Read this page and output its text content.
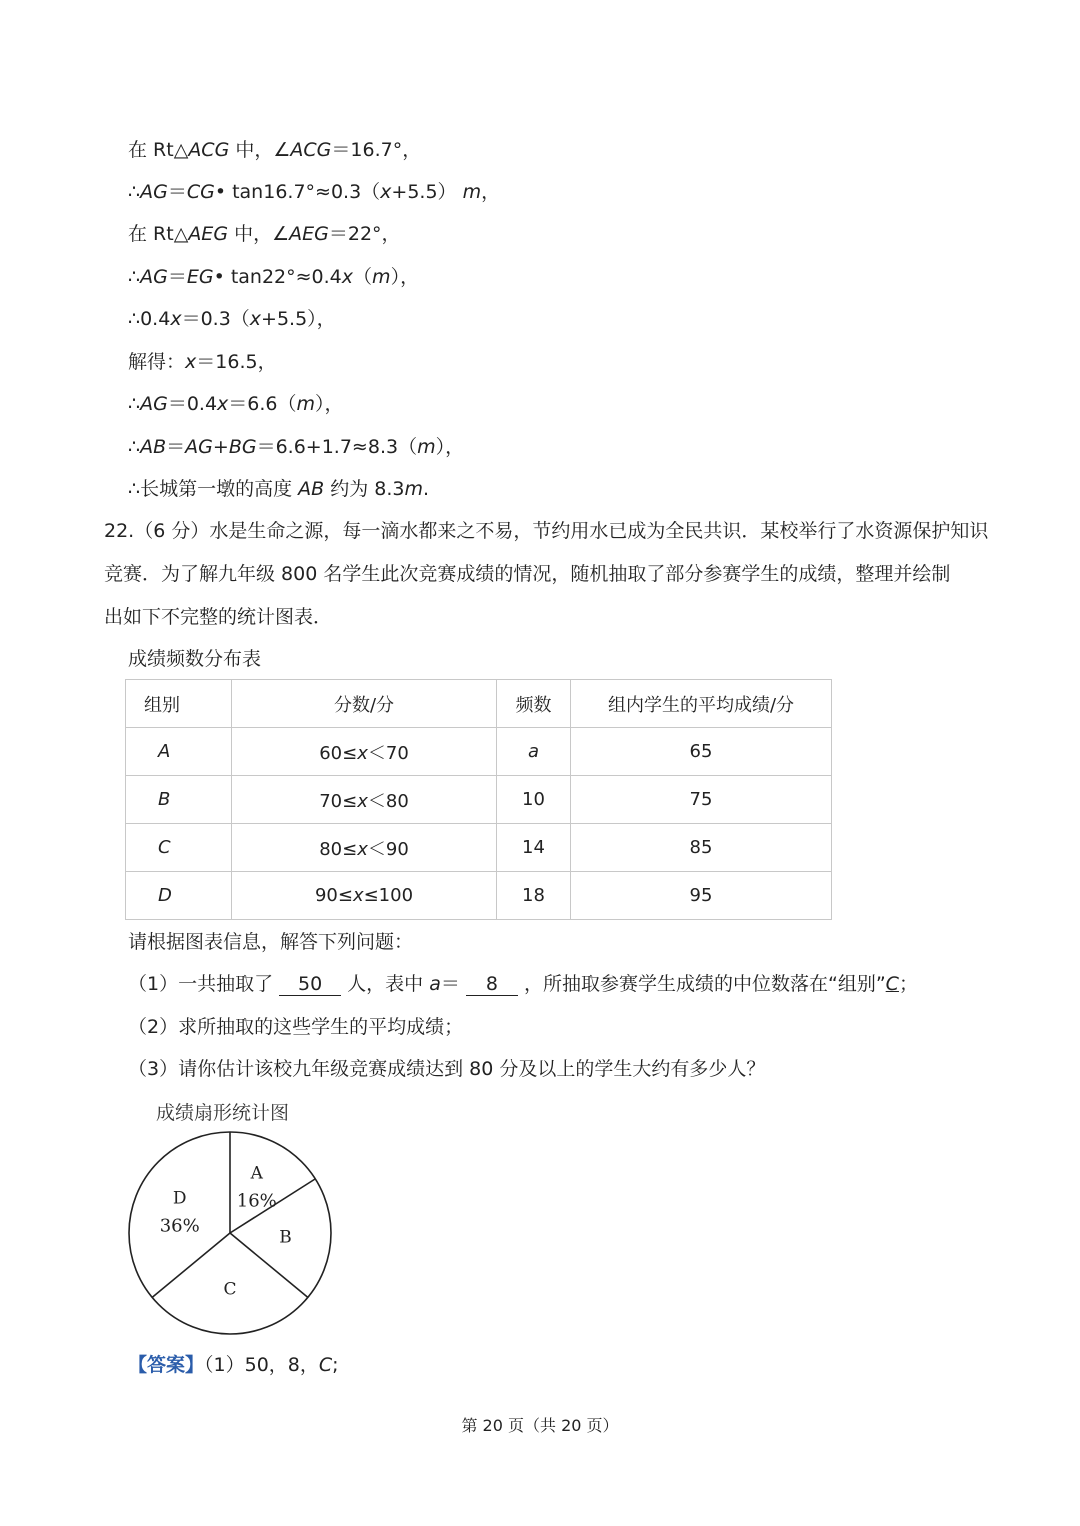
在 Rt△ACG 中，∠ACG＝16.7°，
∴AG＝CG• tan16.7°≈0.3（x+5.5） m，
在 Rt△AEG 中，∠AEG＝22°，
∴AG＝EG• tan22°≈0.4x（m），
∴0.4x＝0.3（x+5.5），
解得：x＝16.5，
∴AG＝0.4x＝6.6（m），
∴AB＝AG+BG＝6.6+1.7≈8.3（m），
∴长城第一墩的高度 AB 约为 8.3m.
22.（6 分）水是生命之源，每一滴水都来之不易，节约用水已成为全民共识．某校举行了水资源保护知识
竞赛．为了解九年级 800 名学生此次竞赛成绩的情况，随机抽取了部分参赛学生的成绩，整理并绘制
出如下不完整的统计图表．
成绩频数分布表
组别	分数/分	频数	组内学生的平均成绩/分
A	60≤x＜70	a	65
B	70≤x＜80	10	75
C	80≤x＜90	14	85
D	90≤x≤100	18	95
请根据图表信息，解答下列问题：
（1）一共抽取了 50 人，表中 a＝ 8 ，所抽取参赛学生成绩的中位数落在“组别”C；
（2）求所抽取的这些学生的平均成绩；
（3）请你估计该校九年级竞赛成绩达到 80 分及以上的学生大约有多少人？
成绩扇形统计图
A
16%
B
C
D
36%
【答案】（1）50，8，C;
第 20 页（共 20 页）
